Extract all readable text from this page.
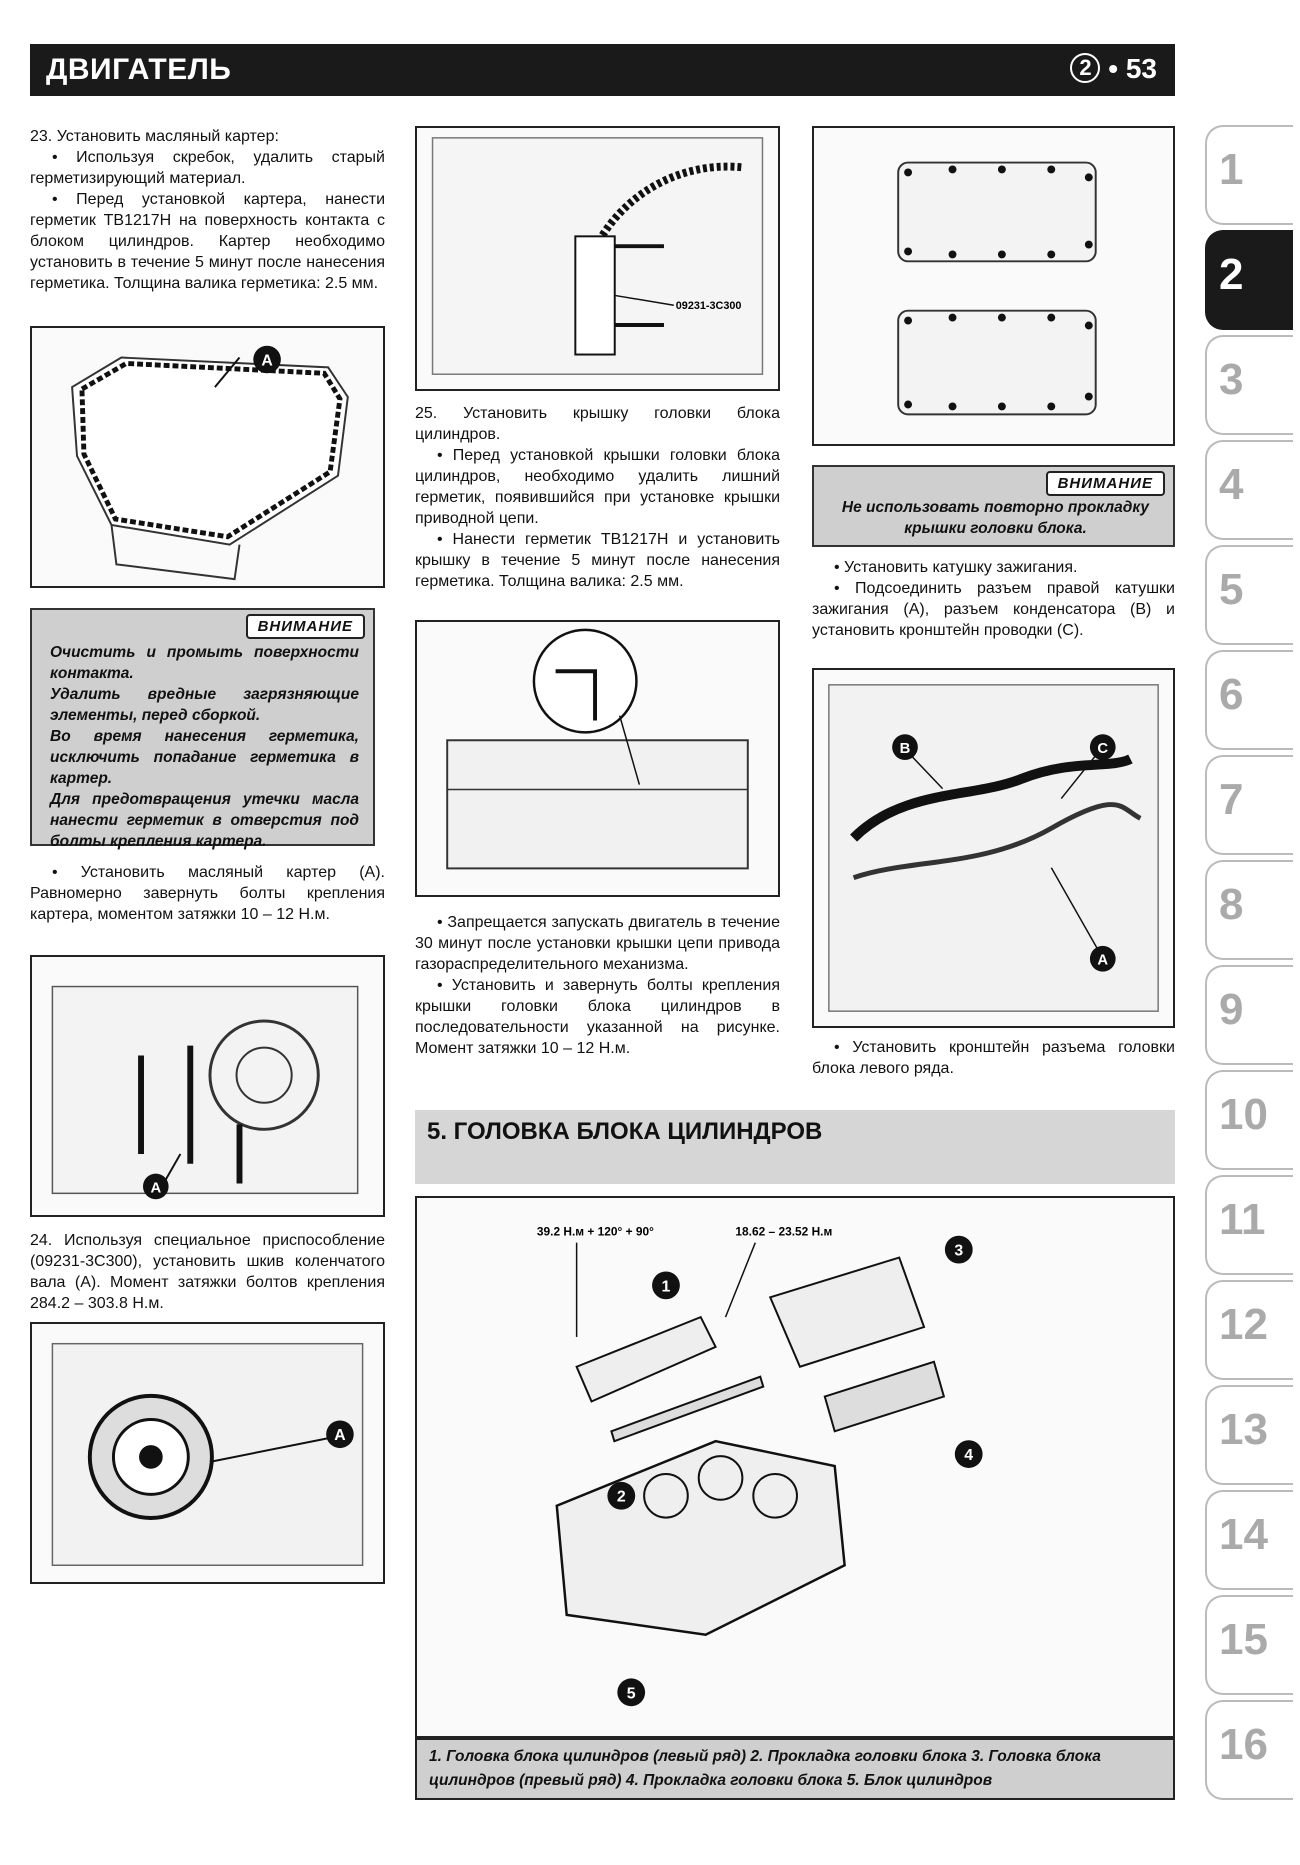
ДВИГАТЕЛЬ	2 • 53

23. Установить масляный картер:

• Используя скребок, удалить старый герметизирующий материал.

• Перед установкой картера, нанести герметик TB1217H на поверхность контакта с блоком цилиндров. Картер необходимо установить в течение 5 минут после нанесения герметика. Толщина валика герметика: 2.5 мм.

A
ВНИМАНИЕ

Очистить и промыть поверхности контакта.

Удалить вредные загрязняющие элементы, перед сборкой.

Во время нанесения герметика, исключить попадание герметика в картер.

Для предотвращения утечки масла нанести герметик в отверстия под болты крепления картера.

• Установить масляный картер (А). Равномерно завернуть болты крепления картера, моментом затяжки 10 – 12 Н.м.

A

24. Используя специальное приспособление (09231-3С300), установить шкив коленчатого вала (А). Момент затяжки болтов крепления 284.2 – 303.8 Н.м.

A
09231-3C300

25. Установить крышку головки блока цилиндров.

• Перед установкой крышки головки блока цилиндров, необходимо удалить лишний герметик, появившийся при установке крышки приводной цепи.

• Нанести герметик TB1217H и установить крышку в течение 5 минут после нанесения герметика. Толщина валика: 2.5 мм.

• Запрещается запускать двигатель в течение 30 минут после установки крышки цепи привода газораспределительного механизма.

• Установить и завернуть болты крепления крышки головки блока цилиндров в последовательности указанной на рисунке. Момент затяжки 10 – 12 Н.м.

ВНИМАНИЕ

Не использовать повторно прокладку крышки головки блока.

• Установить катушку зажигания.

• Подсоединить разъем правой катушки зажигания (А), разъем конденсатора (В) и установить кронштейн проводки (С).

B	C
A

• Установить кронштейн разъема головки блока левого ряда.

5. ГОЛОВКА БЛОКА ЦИЛИНДРОВ
39.2 Н.м + 120° + 90°	18.62 – 23.52 Н.м
1
2
3
4
5
1. Головка блока цилиндров (левый ряд) 2. Прокладка головки блока 3. Головка блока цилиндров (превый ряд) 4. Прокладка головки блока 5. Блок цилиндров
1
2
3
4
5
6
7
8
9
10
11
12
13
14
15
16
